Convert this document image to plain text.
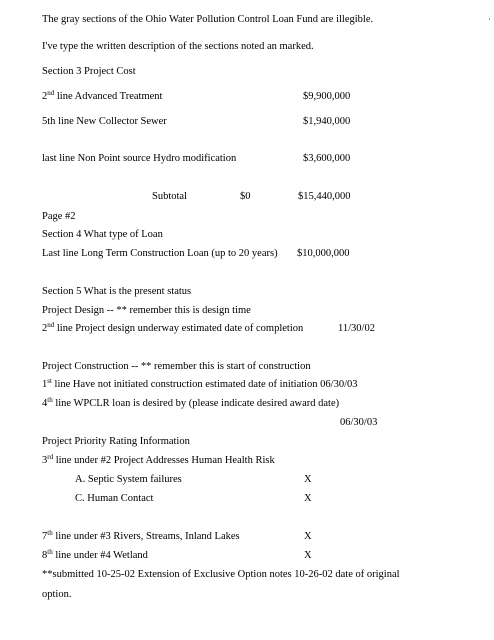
The gray sections of the Ohio Water Pollution Control Loan Fund are illegible.
I've type the written description of the sections noted an marked.
Section 3 Project Cost
2nd line Advanced Treatment	$9,900,000
5th line New Collector Sewer	$1,940,000
last line Non Point source Hydro modification	$3,600,000
Subtotal	$0	$15,440,000
Page #2
Section 4 What type of Loan
Last line Long Term Construction Loan (up to 20 years) $10,000,000
Section 5 What is the present status
Project Design -- ** remember this is design time
2nd line Project design underway estimated date of completion	11/30/02
Project Construction -- ** remember this is start of construction
1st line Have not initiated construction estimated date of initiation 06/30/03
4th line WPCLR loan is desired by (please indicate desired award date)
06/30/03
Project Priority Rating Information
3rd line under #2 Project Addresses Human Health Risk
A. Septic System failures	X
C. Human Contact	X
7th line under #3 Rivers, Streams, Inland Lakes	X
8th line under #4 Wetland	X
**submitted 10-25-02 Extension of Exclusive Option notes 10-26-02 date of original
option.
